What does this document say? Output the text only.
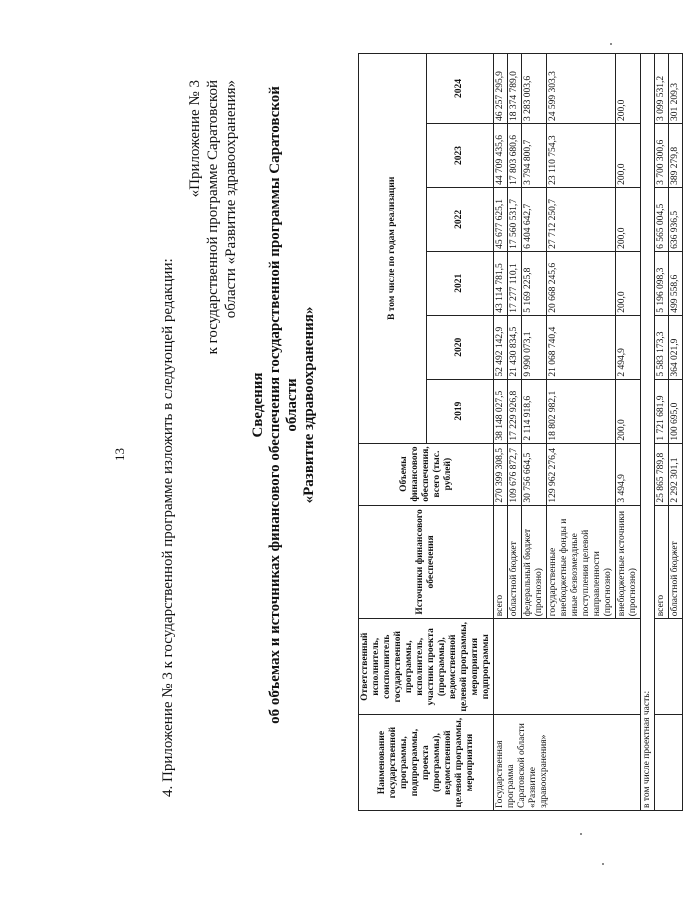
13 4. Приложение № 3 к государственной программе изложить в следующей редакции:
«Приложение № 3 к государственной программе Саратовской области «Развитие здравоохранения»
Сведения об объемах и источниках финансового обеспечения государственной программы Саратовской области «Развитие здравоохранения»
Наименование государственной программы, подпрограммы, проекта (программы), ведомственной целевой программы, мероприятия	Ответственный исполнитель, соисполнитель государственной программы, исполнитель, участник проекта (программы), ведомственной целевой программы, мероприятия подпрограммы	Источники финансового обеспечения	Объемы финансового обеспечения, всего (тыс. рублей)	В том числе по годам реализации					
				2019	2020	2021	2022	2023	2024
Государственная программа Саратовской области «Развитие здравоохранения»		всего	270 399 308,5	38 148 027,5	52 492 142,9	43 114 781,5	45 677 625,1	44 709 435,6	46 257 295,9
		областной бюджет	109 676 872,7	17 229 926,8	21 430 834,5	17 277 110,1	17 560 531,7	17 803 680,6	18 374 789,0
		федеральный бюджет (прогнозно)	30 756 664,5	2 114 918,6	9 990 073,1	5 169 225,8	6 404 642,7	3 794 800,7	3 283 003,6
		государственные внебюджетные фонды и иные безвозмездные поступления целевой направленности (прогнозно)	129 962 276,4	18 802 982,1	21 068 740,4	20 668 245,6	27 712 250,7	23 110 754,3	24 599 303,3
		внебюджетные источники (прогнозно)	3 494,9	200,0	2 494,9	200,0	200,0	200,0	200,0
в том числе проектная часть:									
		всего	25 865 789,8	1 721 681,9	5 583 173,3	5 196 098,3	6 565 004,5	3 700 300,6	3 099 531,2
		областной бюджет	2 292 301,1	100 695,0	364 021,9	499 558,6	636 936,5	389 279,8	301 209,3
